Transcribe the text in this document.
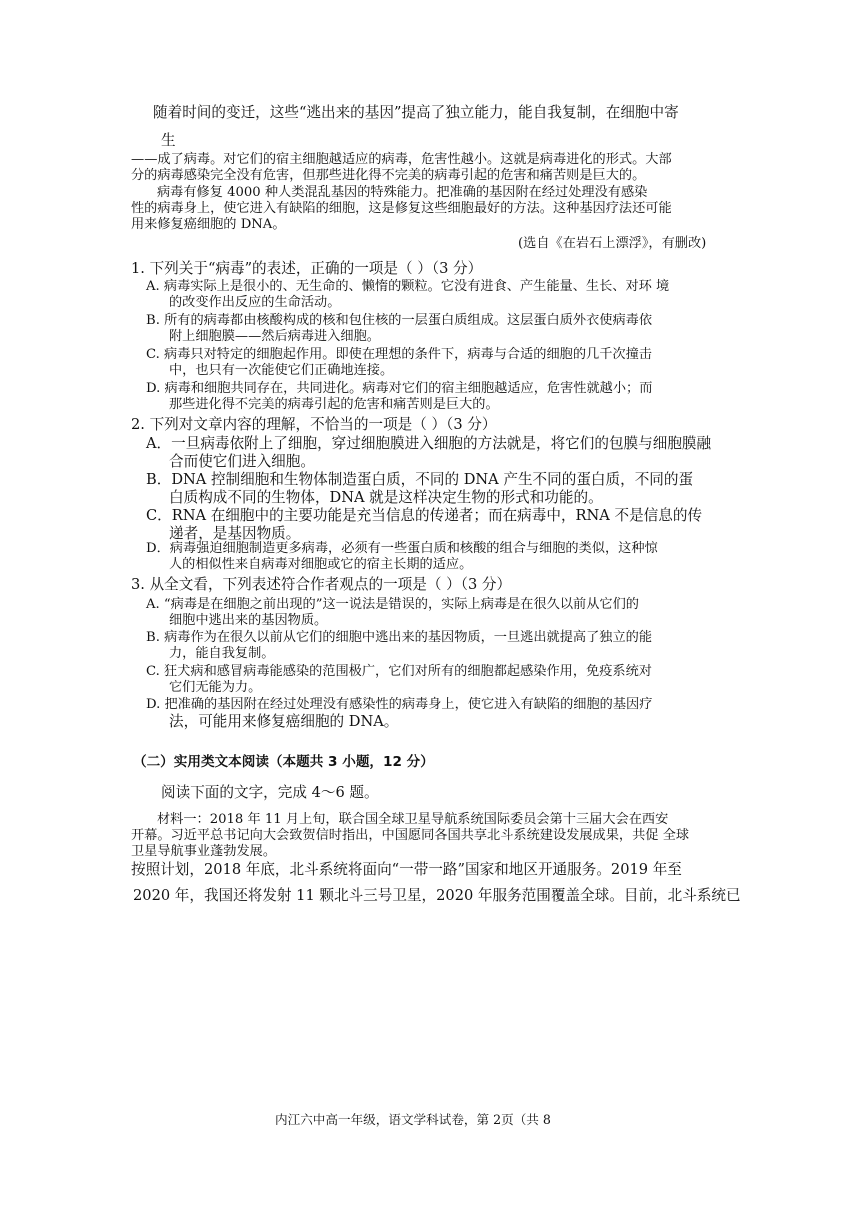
随着时间的变迁，这些“逃出来的基因”提高了独立能力，能自我复制，在细胞中寄
生
——成了病毒。对它们的宿主细胞越适应的病毒，危害性越小。这就是病毒进化的形式。大部
分的病毒感染完全没有危害，但那些进化得不完美的病毒引起的危害和痛苦则是巨大的。
病毒有修复 4000 种人类混乱基因的特殊能力。把准确的基因附在经过处理没有感染
性的病毒身上，使它进入有缺陷的细胞，这是修复这些细胞最好的方法。这种基因疗法还可能
用来修复癌细胞的 DNA。
(选自《在岩石上漂浮》，有删改)
1. 下列关于“病毒”的表述，正确的一项是（ ）（3 分）
A. 病毒实际上是很小的、无生命的、懒惰的颗粒。它没有进食、产生能量、生长、对环 境
的改变作出反应的生命活动。
B. 所有的病毒都由核酸构成的核和包住核的一层蛋白质组成。这层蛋白质外衣使病毒依
附上细胞膜——然后病毒进入细胞。
C. 病毒只对特定的细胞起作用。即使在理想的条件下，病毒与合适的细胞的几千次撞击
中，也只有一次能使它们正确地连接。
D. 病毒和细胞共同存在，共同进化。病毒对它们的宿主细胞越适应，危害性就越小；而
那些进化得不完美的病毒引起的危害和痛苦则是巨大的。
2. 下列对文章内容的理解，不恰当的一项是（ ）（3 分）
A．一旦病毒依附上了细胞，穿过细胞膜进入细胞的方法就是，将它们的包膜与细胞膜融
合而使它们进入细胞。
B．DNA 控制细胞和生物体制造蛋白质，不同的 DNA 产生不同的蛋白质，不同的蛋
白质构成不同的生物体，DNA 就是这样决定生物的形式和功能的。
C．RNA 在细胞中的主要功能是充当信息的传递者；而在病毒中，RNA 不是信息的传
递者，是基因物质。
D．病毒强迫细胞制造更多病毒，必须有一些蛋白质和核酸的组合与细胞的类似，这种惊
人的相似性来自病毒对细胞或它的宿主长期的适应。
3. 从全文看，下列表述符合作者观点的一项是（ ）（3 分）
A. “病毒是在细胞之前出现的”这一说法是错误的，实际上病毒是在很久以前从它们的
细胞中逃出来的基因物质。
B. 病毒作为在很久以前从它们的细胞中逃出来的基因物质，一旦逃出就提高了独立的能
力，能自我复制。
C. 狂犬病和感冒病毒能感染的范围极广，它们对所有的细胞都起感染作用，免疫系统对
它们无能为力。
D. 把准确的基因附在经过处理没有感染性的病毒身上，使它进入有缺陷的细胞的基因疗
法，可能用来修复癌细胞的 DNA。
（二）实用类文本阅读（本题共 3 小题，12 分）
阅读下面的文字，完成 4～6 题。
材料一：2018 年 11 月上旬，联合国全球卫星导航系统国际委员会第十三届大会在西安
开幕。习近平总书记向大会致贺信时指出，中国愿同各国共享北斗系统建设发展成果，共促 全球
卫星导航事业蓬勃发展。
按照计划，2018 年底，北斗系统将面向“一带一路”国家和地区开通服务。2019 年至
2020 年，我国还将发射 11 颗北斗三号卫星，2020 年服务范围覆盖全球。目前，北斗系统已
内江六中高一年级，语文学科试卷，第 2页（共 8
